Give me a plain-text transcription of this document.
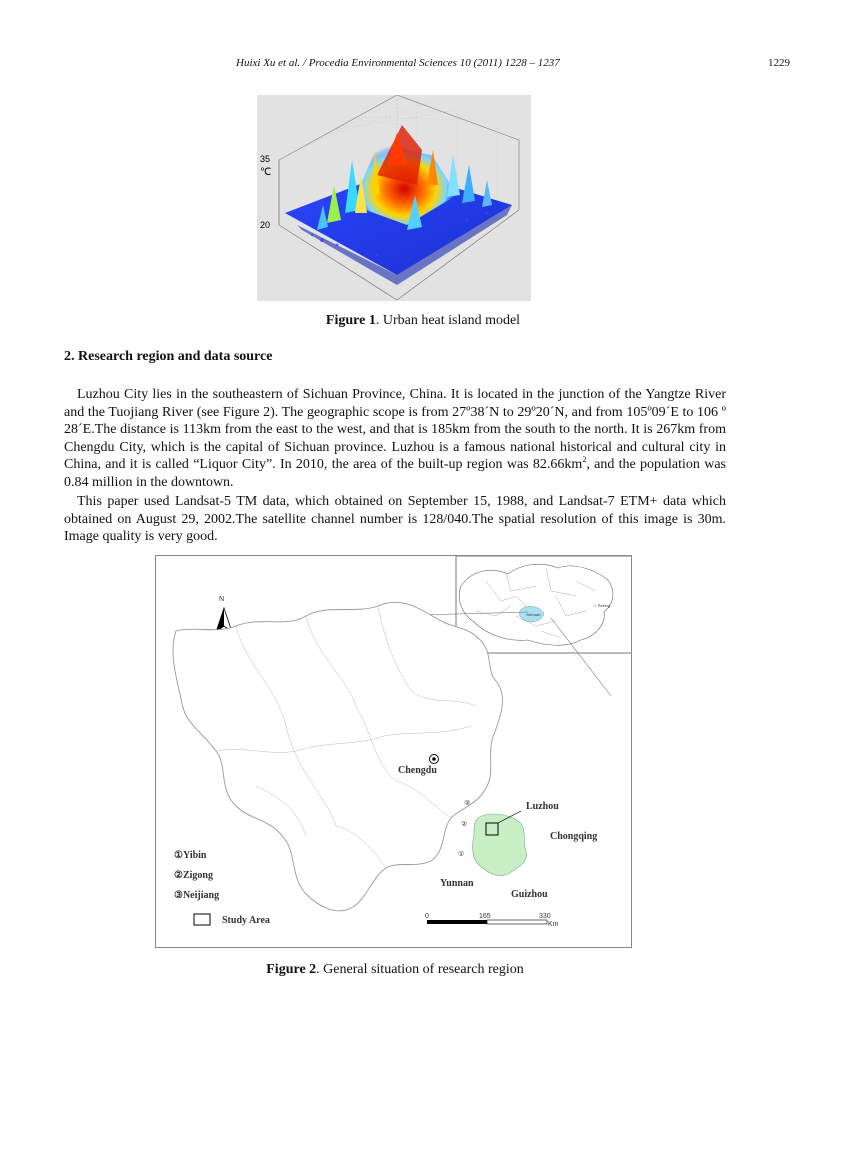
Huixi Xu et al. / Procedia Environmental Sciences 10 (2011) 1228 – 1237	1229
35
℃
20
Figure 1. Urban heat island model
2. Research region and data source
Luzhou City lies in the southeastern of Sichuan Province, China. It is located in the junction of the Yangtze River and the Tuojiang River (see Figure 2). The geographic scope is from 27º38´N to 29º20´N, and from 105º09´E to 106 º 28´E.The distance is 113km from the east to the west, and that is 185km from the south to the north. It is 267km from Chengdu City, which is the capital of Sichuan province. Luzhou is a famous national historical and cultural city in China, and it is called “Liquor City”. In 2010, the area of the built-up region was $82.66km^2$, and the population was 0.84 million in the downtown.
This paper used Landsat-5 TM data, which obtained on September 15, 1988, and Landsat-7 ETM+ data which obtained on August 29, 2002.The satellite channel number is 128/040.The spatial resolution of this image is 30m. Image quality is very good.
Sichuan
☆ Peking
N
Chengdu
③
②
①
Luzhou
Chongqing
Yunnan
Guizhou
①Yibin
②Zigong
③Neijiang
Study Area	0	165	330
Km
Figure 2. General situation of research region
